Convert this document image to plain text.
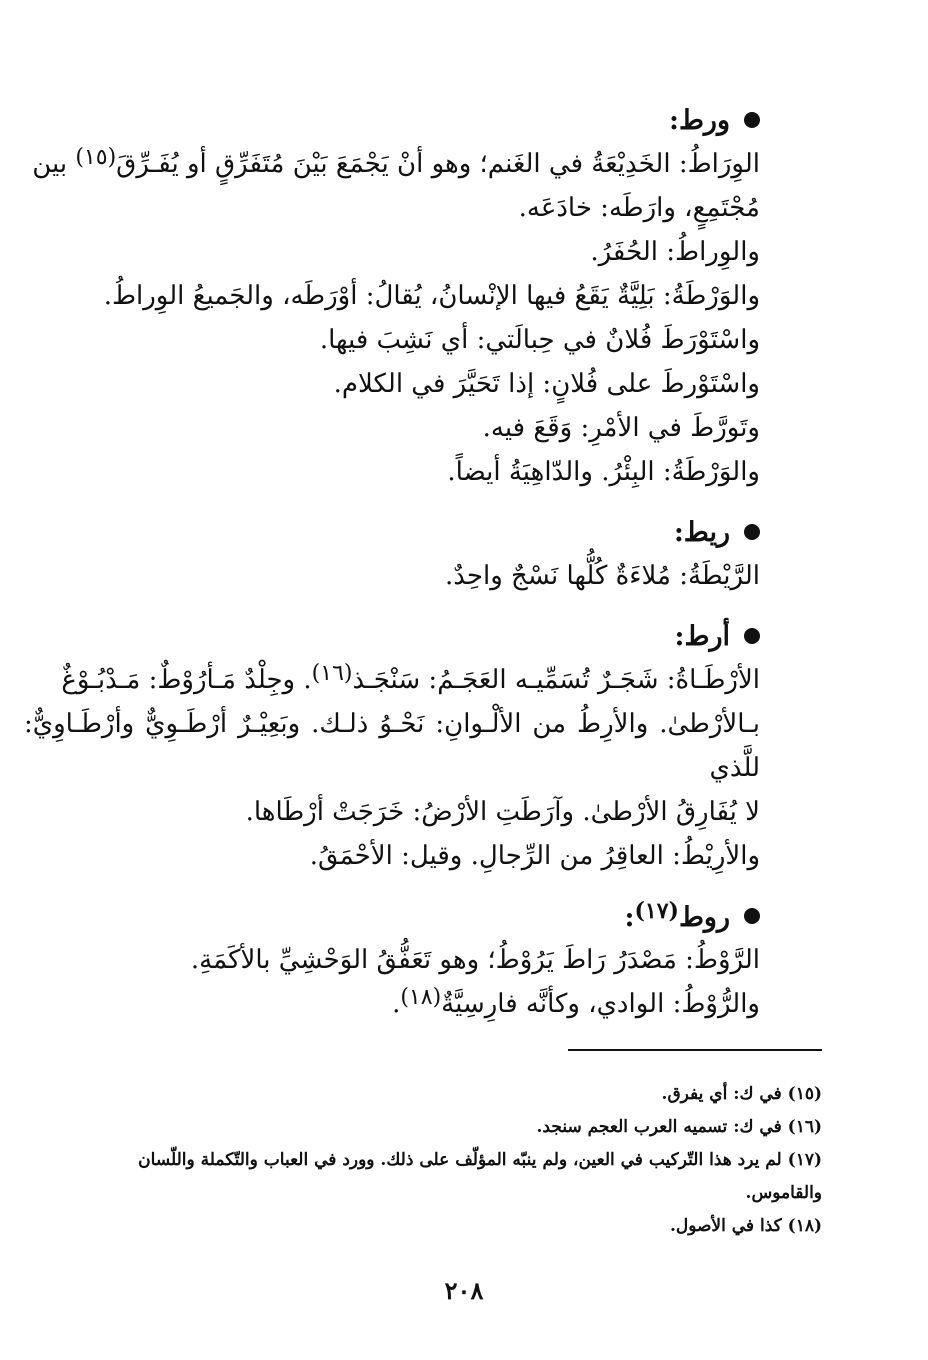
ورط:
الوِرَاطُ: الخَدِيْعَةُ في الغَنم؛ وهو أنْ يَجْمَعَ بَيْنَ مُتَفَرِّقٍ أو يُفَـرِّقَ$^{(١٥)}$ بين
مُجْتَمِعٍ، وارَطَه: خادَعَه.
والوِراطُ: الحُفَرُ.
والوَرْطَةُ: بَلِيَّةٌ يَقَعُ فيها الإنْسانُ، يُقالُ: أوْرَطَه، والجَميعُ الوِراطُ.
واسْتَوْرَطَ فُلانٌ في حِبالَتي: أي نَشِبَ فيها.
واسْتَوْرطَ على فُلانٍ: إذا تَحَيَّرَ في الكلام.
وتَورَّطَ في الأمْرِ: وَقَعَ فيه.
والوَرْطَةُ: البِئْرُ. والدّاهِيَةُ أيضاً.
ريط:
الرَّيْطَةُ: مُلاءَةٌ كُلُّها نَسْجٌ واحِدٌ.
أرط:
الأرْطَـاةُ: شَجَـرٌ تُسَمِّيـه العَجَـمُ: سَنْجَـذ$^{(١٦)}$. وجِلْدٌ مَـأرُوْطٌ: مَـدْبُـوْغٌ
بـالأرْطىٰ. والأرِطُ من الألْـوانِ: نَحْـوُ ذلـك. وبَعِيْـرٌ أرْطَـوِيٌّ وأرْطَـاوِيٌّ: للَّذي
لا يُفَارِقُ الأرْطىٰ. وآرَطَتِ الأرْضُ: خَرَجَتْ أرْطَاها.
والأرِيْطُ: العاقِرُ من الرِّجالِ. وقيل: الأحْمَقُ.
روط$^{(١٧)}$:
الرَّوْطُ: مَصْدَرُ رَاطَ يَرُوْطُ؛ وهو تَعَفُّقُ الوَحْشِيِّ بالأكَمَةِ.
والرُّوْطُ: الوادي، وكأنَّه فارِسِيَّةٌ$^{(١٨)}$.
(١٥) في ك: أي يفرق.
(١٦) في ك: تسميه العرب العجم سنجد.
(١٧) لم يرد هذا التّركيب في العين، ولم ينبّه المؤلّف على ذلك. وورد في العباب والتّكملة واللّسان والقاموس.
(١٨) كذا في الأصول.
٢٠٨
